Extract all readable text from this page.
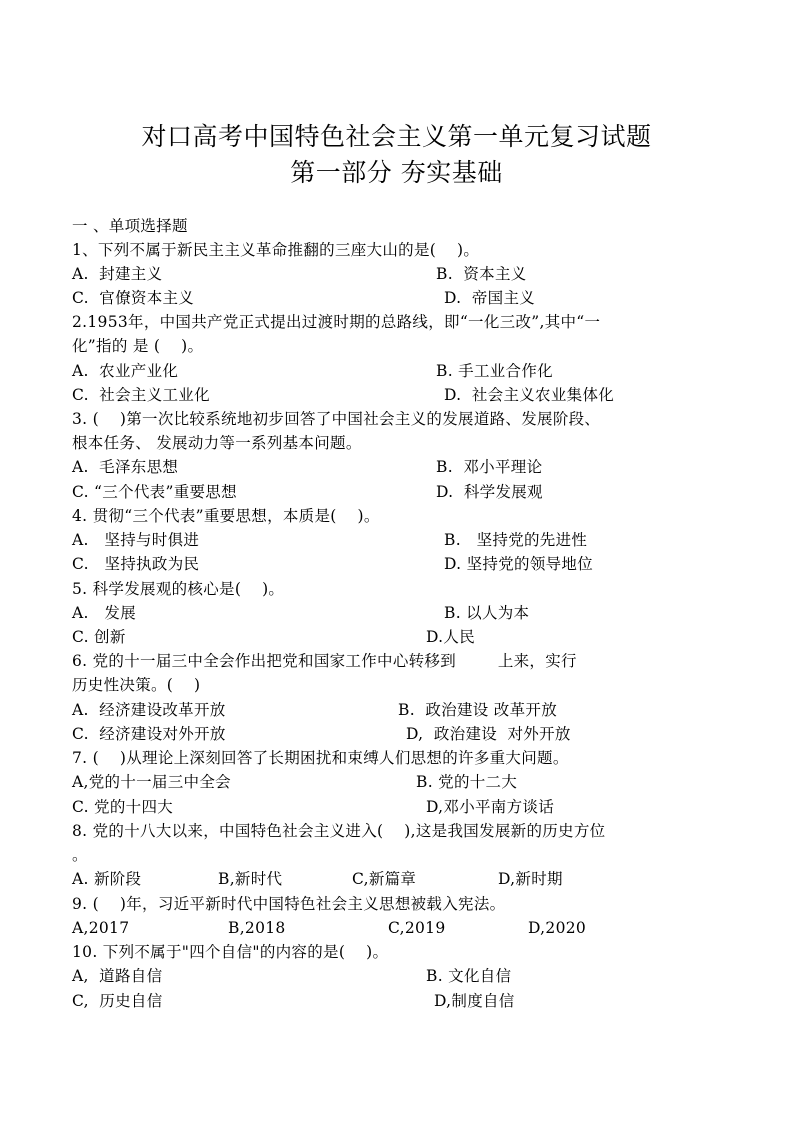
对口高考中国特色社会主义第一单元复习试题
第一部分 夯实基础
一 、单项选择题
1、下列不属于新民主主义革命推翻的三座大山的是(    )。

A.  封建主义

	B.  资本主义

C.  官僚资本主义

	D.  帝国主义

2.1953年，中国共产党正式提出过渡时期的总路线，即“一化三改”,其中“一
化”指的 是 (    )。

A.  农业产业化

	B. 手工业合作化

C.  社会主义工业化

	D.  社会主义农业集体化

3. (    )第一次比较系统地初步回答了中国社会主义的发展道路、发展阶段、
根本任务、 发展动力等一系列基本问题。

A.  毛泽东思想

	B.  邓小平理论

C. “三个代表”重要思想

	D.  科学发展观

4. 贯彻“三个代表”重要思想，本质是(    )。

A.   坚持与时俱进

	B.   坚持党的先进性

C.   坚持执政为民

	D. 坚持党的领导地位

5. 科学发展观的核心是(    )。

A.   发展

	B. 以人为本

C. 创新

	D.人民

6. 党的十一届三中全会作出把党和国家工作中心转移到        上来，实行
历史性决策。(    )

A.  经济建设改革开放

	B.  政治建设 改革开放

C.  经济建设对外开放

	D,  政治建设  对外开放

7. (    )从理论上深刻回答了长期困扰和束缚人们思想的许多重大问题。

A,党的十一届三中全会

	B. 党的十二大

C. 党的十四大

	D,邓小平南方谈话

8. 党的十八大以来，中国特色社会主义进入(    ),这是我国发展新的历史方位
。

A. 新阶段

	B,新时代

	C,新篇章

	D,新时期

9. (    )年，习近平新时代中国特色社会主义思想被载入宪法。

A,2017

	B,2018

	C,2019

	D,2020

10. 下列不属于"四个自信"的内容的是(    )。

A,  道路自信

	B. 文化自信

C,  历史自信

	D,制度自信
